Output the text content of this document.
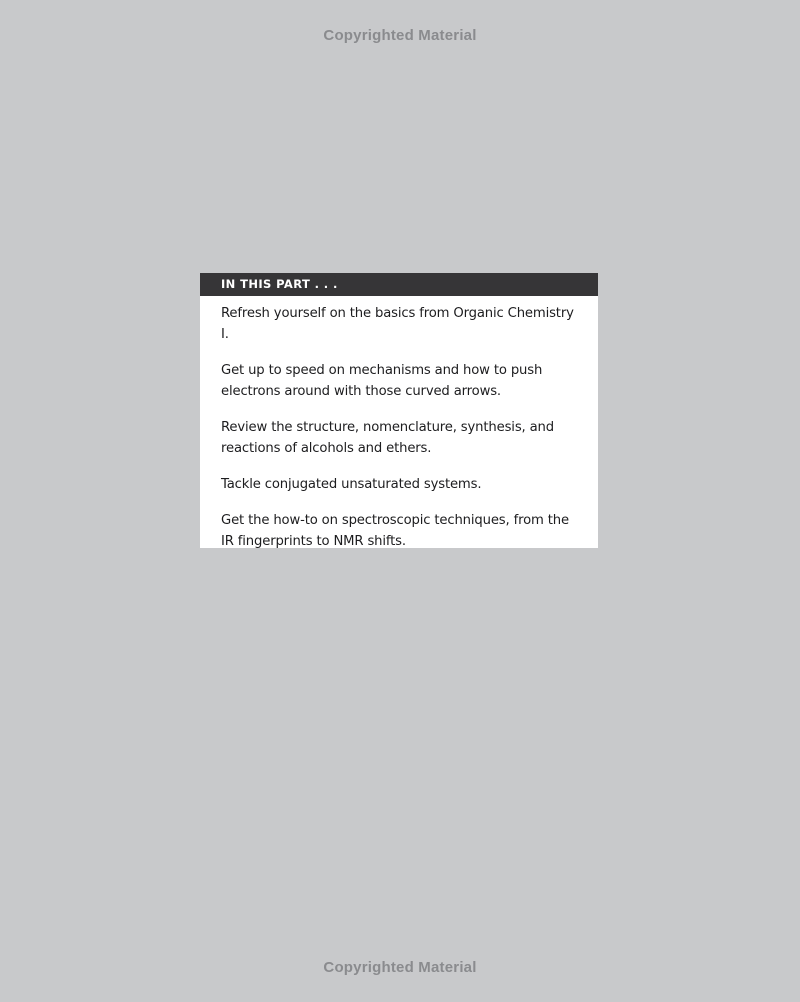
Copyrighted Material
IN THIS PART . . .
Refresh yourself on the basics from Organic Chemistry I.
Get up to speed on mechanisms and how to push electrons around with those curved arrows.
Review the structure, nomenclature, synthesis, and reactions of alcohols and ethers.
Tackle conjugated unsaturated systems.
Get the how-to on spectroscopic techniques, from the IR fingerprints to NMR shifts.
Copyrighted Material
